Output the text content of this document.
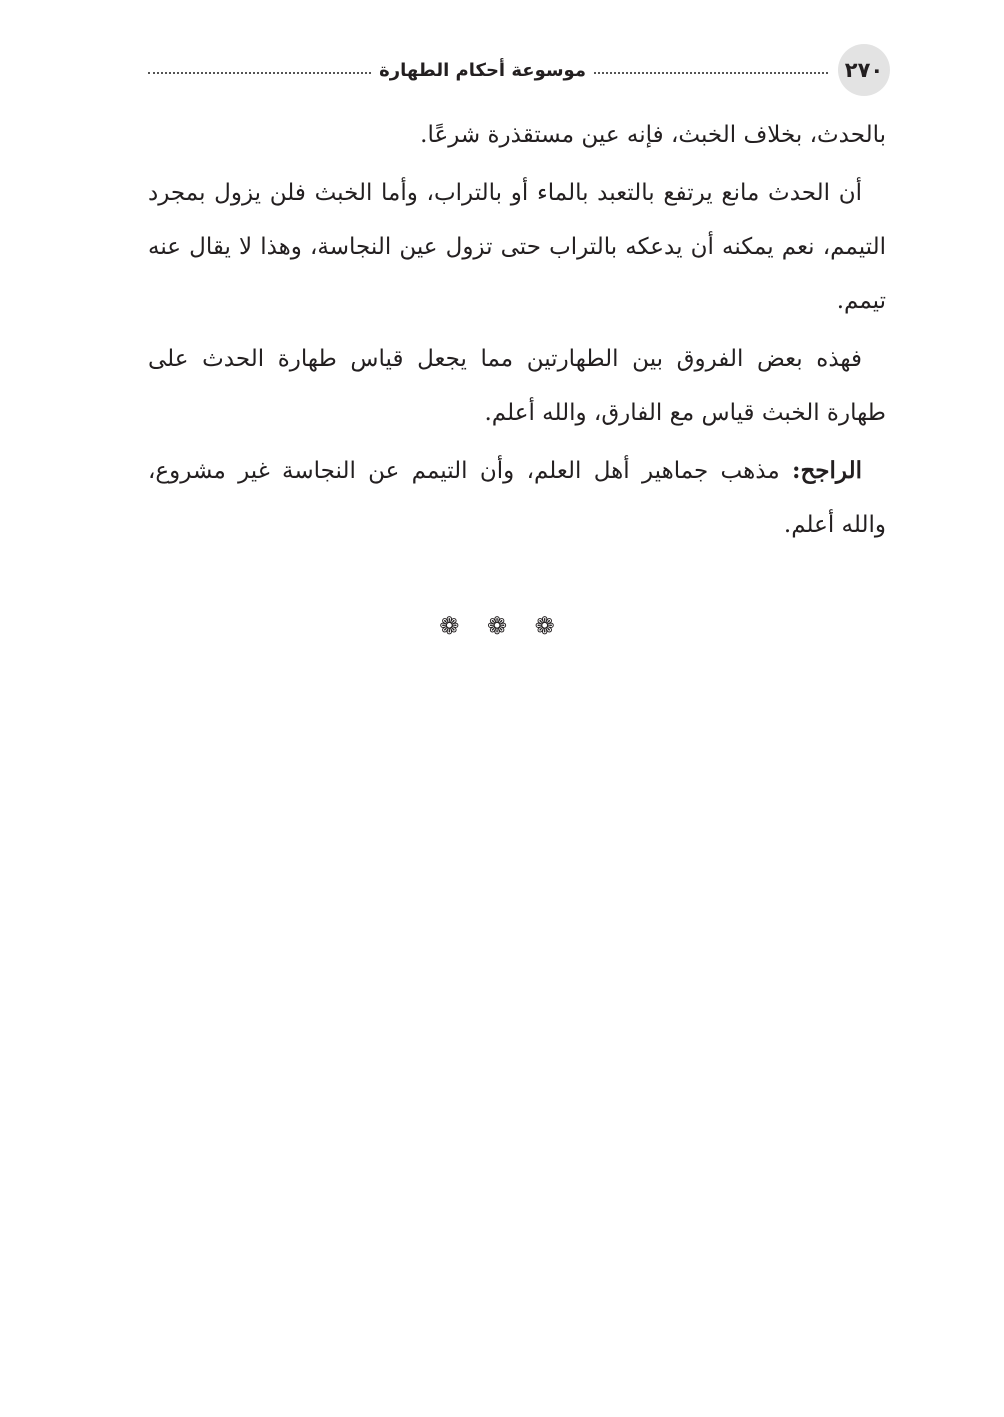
٢٧٠
موسوعة أحكام الطهارة

بالحدث، بخلاف الخبث، فإنه عين مستقذرة شرعًا.

أن الحدث مانع يرتفع بالتعبد بالماء أو بالتراب، وأما الخبث فلن يزول بمجرد التيمم، نعم يمكنه أن يدعكه بالتراب حتى تزول عين النجاسة، وهذا لا يقال عنه تيمم.

فهذه بعض الفروق بين الطهارتين مما يجعل قياس طهارة الحدث على طهارة الخبث قياس مع الفارق، والله أعلم.

الراجح: مذهب جماهير أهل العلم، وأن التيمم عن النجاسة غير مشروع، والله أعلم.

❁ ❁ ❁
